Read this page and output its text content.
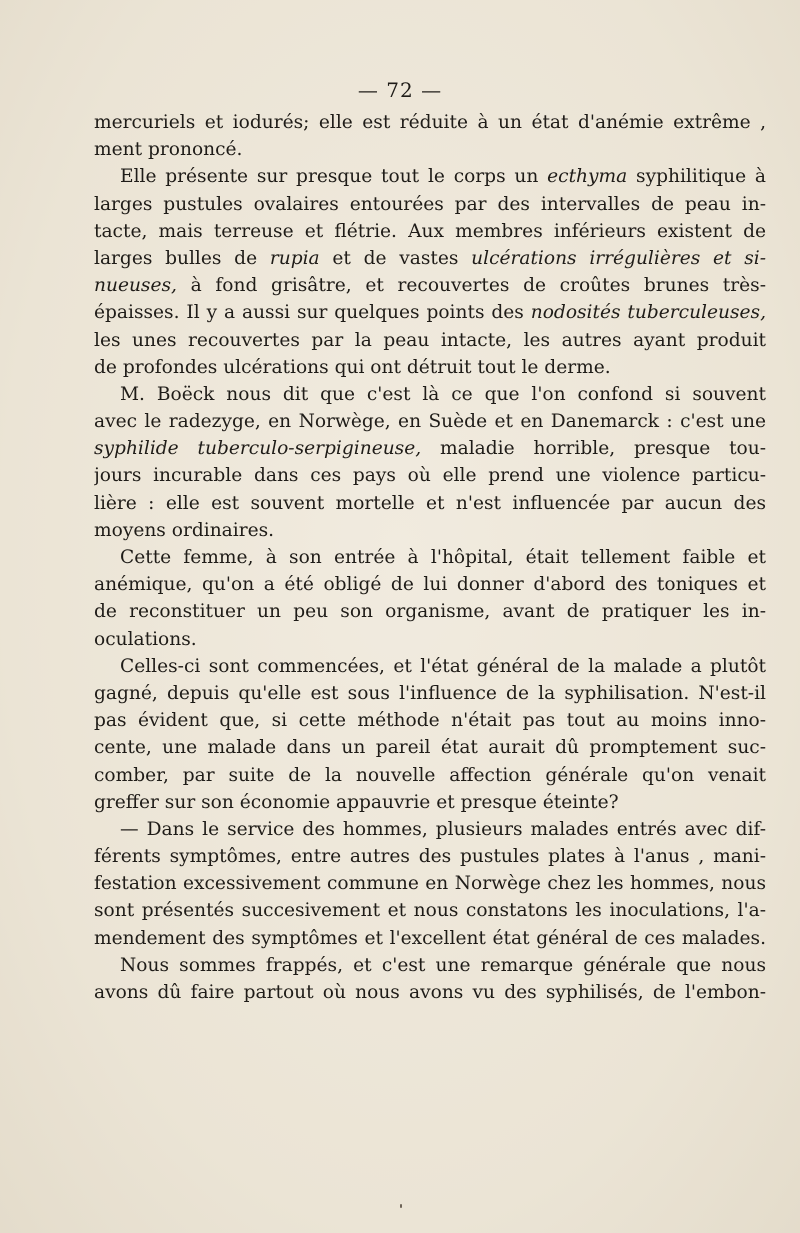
— 72 —
mercuriels et iodurés; elle est réduite à un état d'anémie extrême ,
ment prononcé.
Elle présente sur presque tout le corps un ecthyma syphilitique à
larges pustules ovalaires entourées par des intervalles de peau in-
tacte, mais terreuse et flétrie. Aux membres inférieurs existent de
larges bulles de rupia et de vastes ulcérations irrégulières et si-
nueuses, à fond grisâtre, et recouvertes de croûtes brunes très-
épaisses. Il y a aussi sur quelques points des nodosités tuberculeuses,
les unes recouvertes par la peau intacte, les autres ayant produit
de profondes ulcérations qui ont détruit tout le derme.
M. Boëck nous dit que c'est là ce que l'on confond si souvent
avec le radezyge, en Norwège, en Suède et en Danemarck : c'est une
syphilide tuberculo-serpigineuse, maladie horrible, presque tou-
jours incurable dans ces pays où elle prend une violence particu-
lière : elle est souvent mortelle et n'est influencée par aucun des
moyens ordinaires.
Cette femme, à son entrée à l'hôpital, était tellement faible et
anémique, qu'on a été obligé de lui donner d'abord des toniques et
de reconstituer un peu son organisme, avant de pratiquer les in-
oculations.
Celles-ci sont commencées, et l'état général de la malade a plutôt
gagné, depuis qu'elle est sous l'influence de la syphilisation. N'est-il
pas évident que, si cette méthode n'était pas tout au moins inno-
cente, une malade dans un pareil état aurait dû promptement suc-
comber, par suite de la nouvelle affection générale qu'on venait
greffer sur son économie appauvrie et presque éteinte?
— Dans le service des hommes, plusieurs malades entrés avec dif-
férents symptômes, entre autres des pustules plates à l'anus , mani-
festation excessivement commune en Norwège chez les hommes, nous
sont présentés succesivement et nous constatons les inoculations, l'a-
mendement des symptômes et l'excellent état général de ces malades.
Nous sommes frappés, et c'est une remarque générale que nous
avons dû faire partout où nous avons vu des syphilisés, de l'embon-
